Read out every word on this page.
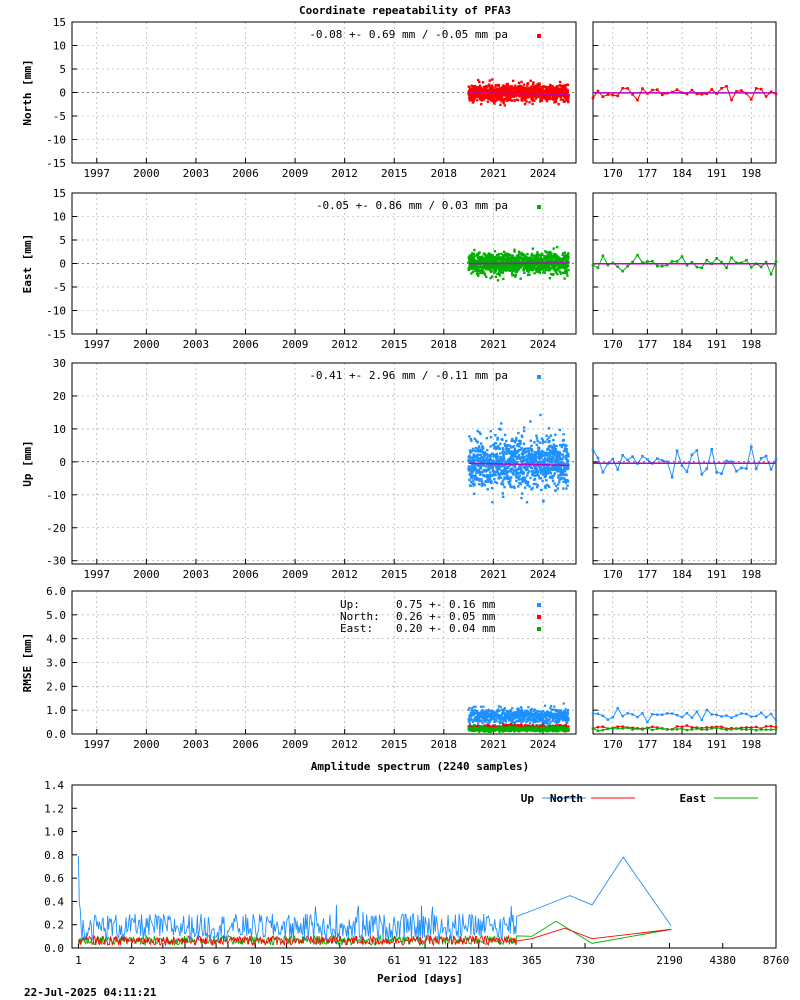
Coordinate repeatability of PFA3
Amplitude spectrum (2240 samples)
22-Jul-2025 04:11:21
1997 2000 2003 2006 2009 2012 2015 2018 2021 2024
-15
-10
-5
0
5
10
15
170 177 184 191 198
North [mm]
-0.08 +- 0.69 mm / -0.05 mm pa
1997 2000 2003 2006 2009 2012 2015 2018 2021 2024
-15
-10
-5
0
5
10
15
170 177 184 191 198
East [mm]
-0.05 +- 0.86 mm / 0.03 mm pa
1997 2000 2003 2006 2009 2012 2015 2018 2021 2024
-30
-20
-10
0
10
20
30
170 177 184 191 198
Up [mm]
-0.41 +- 2.96 mm / -0.11 mm pa
1997 2000 2003 2006 2009 2012 2015 2018 2021 2024
0.0
1.0
2.0
3.0
4.0
5.0
6.0
170 177 184 191 198
RMSE [mm]
Up:	0.75 +- 0.16 mm
North: 0.26 +- 0.05 mm
East: 0.20 +- 0.04 mm
0.0
0.2
0.4
0.6
0.8
1.0
1.2
1.4
1	2 3 4 5 6 7 10 15	30	61 91 122 183	365	730	2190 4380 8760
Period [days]
Up North	East
